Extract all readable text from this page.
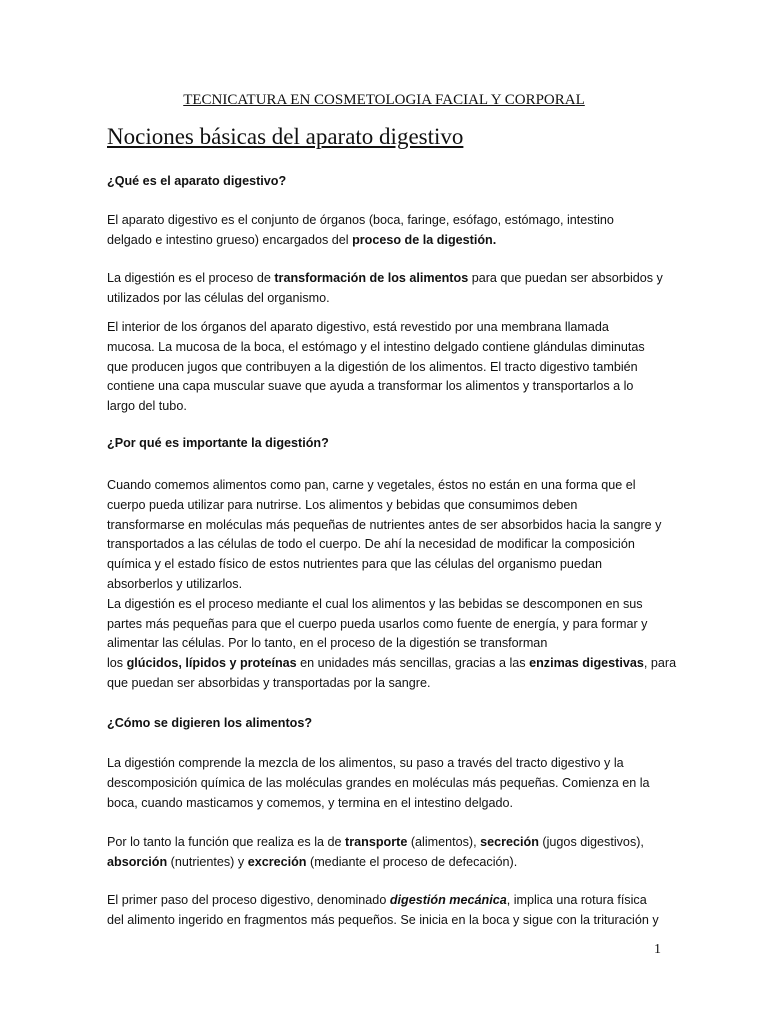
TECNICATURA EN COSMETOLOGIA FACIAL Y CORPORAL
Nociones básicas del aparato digestivo

¿Qué es el aparato digestivo?

El aparato digestivo es el conjunto de órganos (boca, faringe, esófago, estómago, intestino

delgado e intestino grueso) encargados del proceso de la digestión.

La digestión es el proceso de transformación de los alimentos para que puedan ser absorbidos y

utilizados por las células del organismo.

El interior de los órganos del aparato digestivo, está revestido por una membrana llamada

mucosa. La mucosa de la boca, el estómago y el intestino delgado contiene glándulas diminutas

que producen jugos que contribuyen a la digestión de los alimentos. El tracto digestivo también

contiene una capa muscular suave que ayuda a transformar los alimentos y transportarlos a lo

largo del tubo.

¿Por qué es importante la digestión?

Cuando comemos alimentos como pan, carne y vegetales, éstos no están en una forma que el

cuerpo pueda utilizar para nutrirse. Los alimentos y bebidas que consumimos deben

transformarse en moléculas más pequeñas de nutrientes antes de ser absorbidos hacia la sangre y

transportados a las células de todo el cuerpo. De ahí la necesidad de modificar la composición

química y el estado físico de estos nutrientes para que las células del organismo puedan

absorberlos y utilizarlos.

La digestión es el proceso mediante el cual los alimentos y las bebidas se descomponen en sus

partes más pequeñas para que el cuerpo pueda usarlos como fuente de energía, y para formar y

alimentar las células. Por lo tanto, en el proceso de la digestión se transforman

los glúcidos, lípidos y proteínas en unidades más sencillas, gracias a las enzimas digestivas, para

que puedan ser absorbidas y transportadas por la sangre.

¿Cómo se digieren los alimentos?

La digestión comprende la mezcla de los alimentos, su paso a través del tracto digestivo y la

descomposición química de las moléculas grandes en moléculas más pequeñas. Comienza en la

boca, cuando masticamos y comemos, y termina en el intestino delgado.

Por lo tanto la función que realiza es la de transporte (alimentos), secreción (jugos digestivos),

absorción (nutrientes) y excreción (mediante el proceso de defecación).

El primer paso del proceso digestivo, denominado digestión mecánica, implica una rotura física

del alimento ingerido en fragmentos más pequeños. Se inicia en la boca y sigue con la trituración y

1
